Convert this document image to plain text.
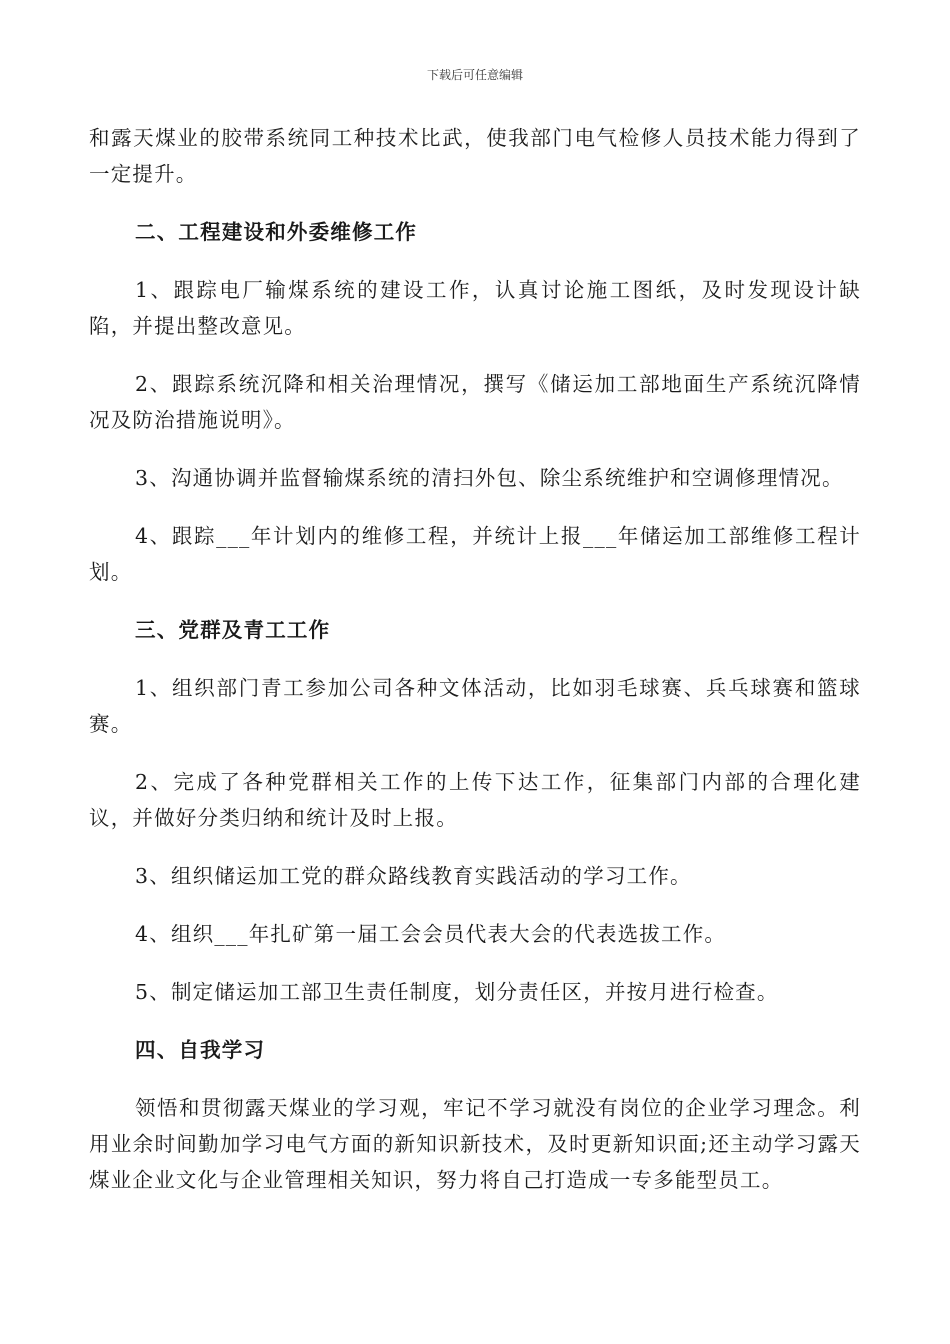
下载后可任意编辑

和露天煤业的胶带系统同工种技术比武，使我部门电气检修人员技术能力得到了一定提升。

二、工程建设和外委维修工作

1、跟踪电厂输煤系统的建设工作，认真讨论施工图纸，及时发现设计缺陷，并提出整改意见。

2、跟踪系统沉降和相关治理情况，撰写《储运加工部地面生产系统沉降情况及防治措施说明》。

3、沟通协调并监督输煤系统的清扫外包、除尘系统维护和空调修理情况。

4、跟踪___年计划内的维修工程，并统计上报___年储运加工部维修工程计划。

三、党群及青工工作

1、组织部门青工参加公司各种文体活动，比如羽毛球赛、兵乓球赛和篮球赛。

2、完成了各种党群相关工作的上传下达工作，征集部门内部的合理化建议，并做好分类归纳和统计及时上报。

3、组织储运加工党的群众路线教育实践活动的学习工作。

4、组织___年扎矿第一届工会会员代表大会的代表选拔工作。

5、制定储运加工部卫生责任制度，划分责任区，并按月进行检查。

四、自我学习

领悟和贯彻露天煤业的学习观，牢记不学习就没有岗位的企业学习理念。利用业余时间勤加学习电气方面的新知识新技术，及时更新知识面;还主动学习露天煤业企业文化与企业管理相关知识，努力将自己打造成一专多能型员工。
